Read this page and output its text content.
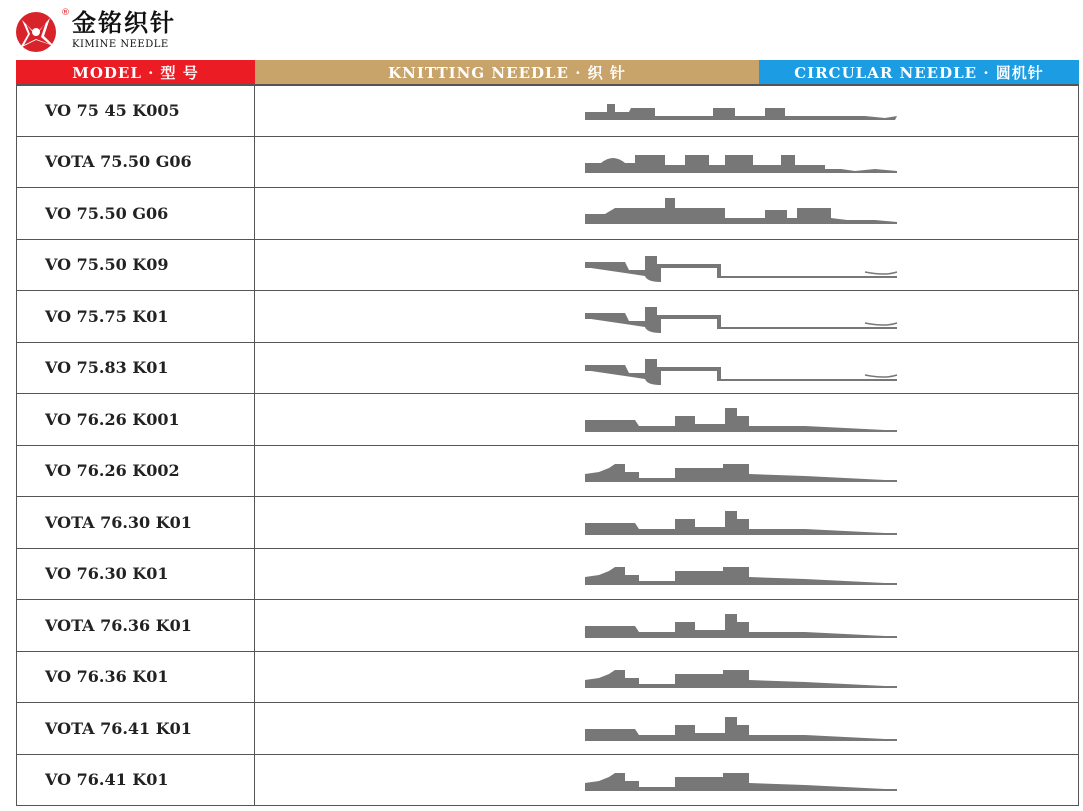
® 金铭织针
KIMINE NEEDLE
MODEL · 型 号	KNITTING NEEDLE · 织 针	CIRCULAR NEEDLE · 圆机针
VO 75 45 K005
VOTA 75.50 G06
VO 75.50 G06
VO 75.50 K09
VO 75.75 K01
VO 75.83 K01
VO 76.26 K001
VO 76.26 K002
VOTA 76.30 K01
VO 76.30 K01
VOTA 76.36 K01
VO 76.36 K01
VOTA 76.41 K01
VO 76.41 K01
